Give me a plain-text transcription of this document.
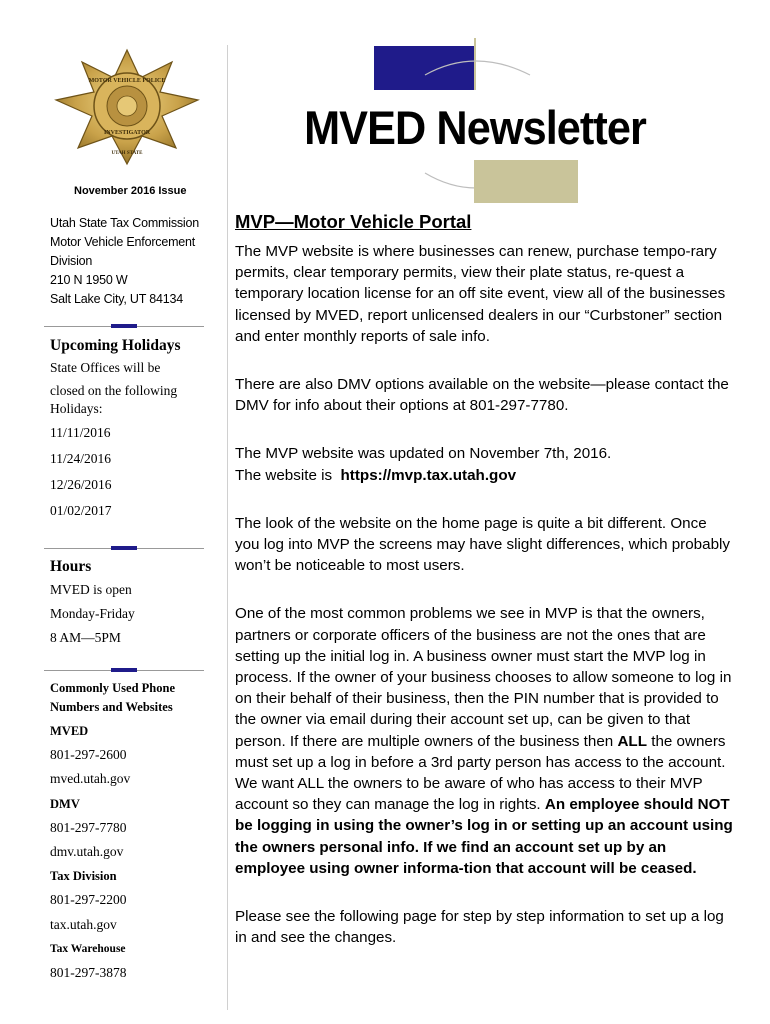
MOTOR VEHICLE POLICE
INVESTIGATOR
UTAH STATE	MVED Newsletter
November 2016 Issue
Utah State Tax Commission
Motor Vehicle Enforcement
Division
210 N 1950 W
Salt Lake City, UT 84134
Upcoming Holidays
State Offices will be
closed on the following
Holidays:
11/11/2016
11/24/2016
12/26/2016
01/02/2017
Hours
MVED is open
Monday-Friday
8 AM—5PM
Commonly Used Phone
Numbers and Websites
MVED
801-297-2600
mved.utah.gov
DMV
801-297-7780
dmv.utah.gov
Tax Division
801-297-2200
tax.utah.gov
Tax Warehouse
801-297-3878
MVP—Motor Vehicle Portal

The MVP website is where businesses can renew, purchase tempo-rary permits, clear temporary permits, view their plate status, re-quest a temporary location license for an off site event, view all of the businesses licensed by MVED, report unlicensed dealers in our “Curbstoner” section and enter monthly reports of sale info.

There are also DMV options available on the website—please contact the DMV for info about their options at 801-297-7780.

The MVP website was updated on November 7th, 2016.
The website is https://mvp.tax.utah.gov

The look of the website on the home page is quite a bit different. Once you log into MVP the screens may have slight differences, which probably won’t be noticeable to most users.

One of the most common problems we see in MVP is that the owners, partners or corporate officers of the business are not the ones that are setting up the initial log in. A business owner must start the MVP log in process. If the owner of your business chooses to allow someone to log in on their behalf of their business, then the PIN number that is provided to the owner via email during their account set up, can be given to that person. If there are multiple owners of the business then ALL the owners must set up a log in before a 3rd party person has access to the account. We want ALL the owners to be aware of who has access to their MVP account so they can manage the log in rights. An employee should NOT be logging in using the owner’s log in or setting up an account using the owners personal info. If we find an account set up by an employee using owner informa-tion that account will be ceased.

Please see the following page for step by step information to set up a log in and see the changes.
